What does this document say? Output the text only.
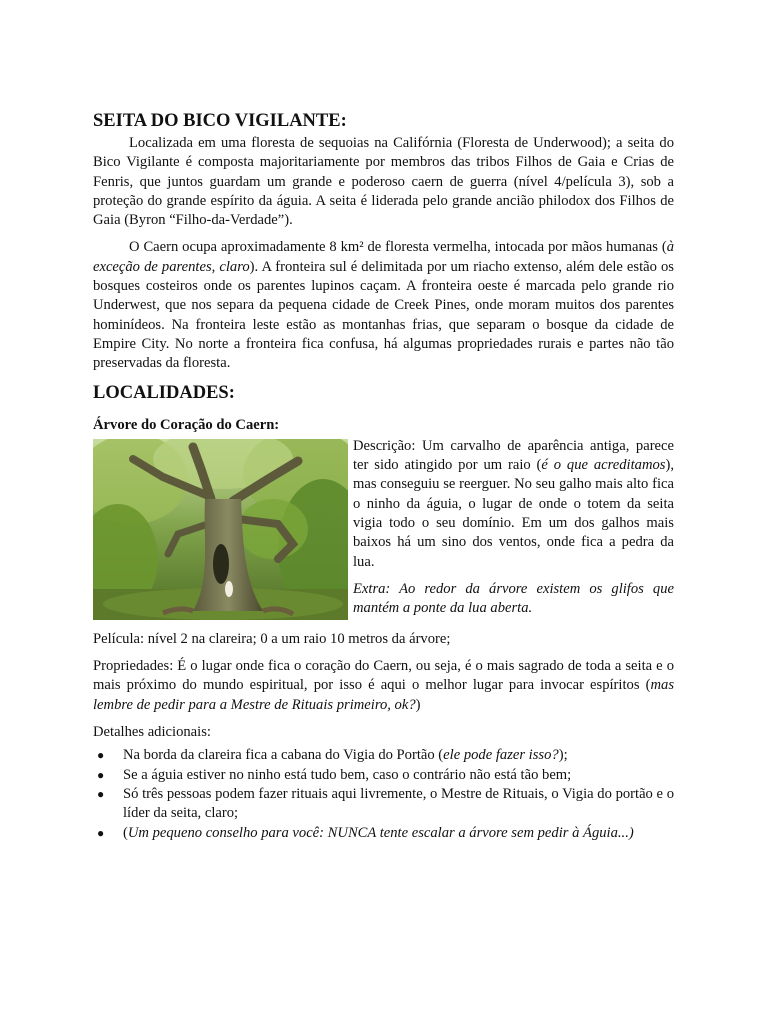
SEITA DO BICO VIGILANTE:

Localizada em uma floresta de sequoias na Califórnia (Floresta de Underwood); a seita do Bico Vigilante é composta majoritariamente por membros das tribos Filhos de Gaia e Crias de Fenris, que juntos guardam um grande e poderoso caern de guerra (nível 4/película 3), sob a proteção do grande espírito da águia. A seita é liderada pelo grande ancião philodox dos Filhos de Gaia (Byron “Filho-da-Verdade”).

O Caern ocupa aproximadamente 8 km² de floresta vermelha, intocada por mãos humanas (à exceção de parentes, claro). A fronteira sul é delimitada por um riacho extenso, além dele estão os bosques costeiros onde os parentes lupinos caçam. A fronteira oeste é marcada pelo grande rio Underwest, que nos separa da pequena cidade de Creek Pines, onde moram muitos dos parentes hominídeos. Na fronteira leste estão as montanhas frias, que separam o bosque da cidade de Empire City. No norte a fronteira fica confusa, há algumas propriedades rurais e partes não tão preservadas da floresta.

LOCALIDADES:

Árvore do Coração do Caern:

Descrição: Um carvalho de aparência antiga, parece ter sido atingido por um raio (é o que acreditamos), mas conseguiu se reerguer. No seu galho mais alto fica o ninho da águia, o lugar de onde o totem da seita vigia todo o seu domínio. Em um dos galhos mais baixos há um sino dos ventos, onde fica a pedra da lua.

Extra: Ao redor da árvore existem os glifos que mantém a ponte da lua aberta.

Película: nível 2 na clareira; 0 a um raio 10 metros da árvore;

Propriedades: É o lugar onde fica o coração do Caern, ou seja, é o mais sagrado de toda a seita e o mais próximo do mundo espiritual, por isso é aqui o melhor lugar para invocar espíritos (mas lembre de pedir para a Mestre de Rituais primeiro, ok?)

Detalhes adicionais:

●	Na borda da clareira fica a cabana do Vigia do Portão (ele pode fazer isso?);
●	Se a águia estiver no ninho está tudo bem, caso o contrário não está tão bem;
●	Só três pessoas podem fazer rituais aqui livremente, o Mestre de Rituais, o Vigia do portão e o líder da seita, claro;
●	(Um pequeno conselho para você: NUNCA tente escalar a árvore sem pedir à Águia...)
